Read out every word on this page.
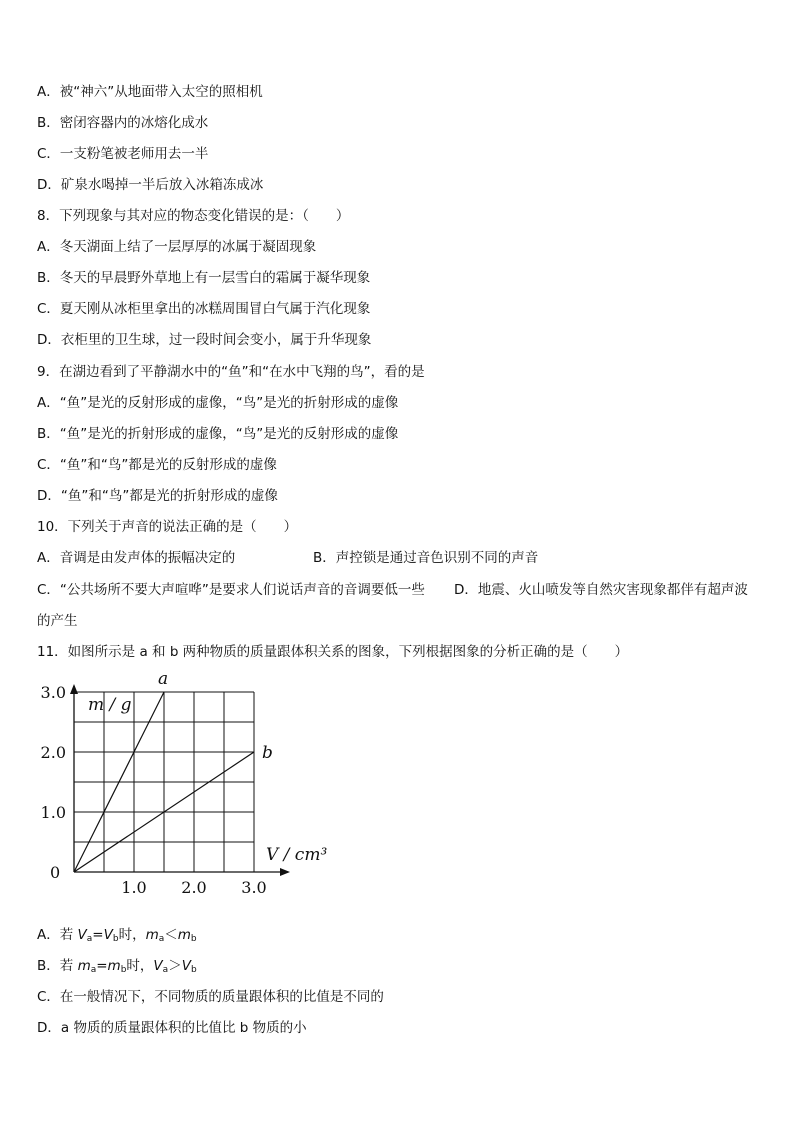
A．被“神六”从地面带入太空的照相机
B．密闭容器内的冰熔化成水
C．一支粉笔被老师用去一半
D．矿泉水喝掉一半后放入冰箱冻成冰
8．下列现象与其对应的物态变化错误的是：（　　）
A．冬天湖面上结了一层厚厚的冰属于凝固现象
B．冬天的早晨野外草地上有一层雪白的霜属于凝华现象
C．夏天刚从冰柜里拿出的冰糕周围冒白气属于汽化现象
D．衣柜里的卫生球，过一段时间会变小，属于升华现象
9．在湖边看到了平静湖水中的“鱼”和“在水中飞翔的鸟”，看的是
A．“鱼”是光的反射形成的虚像，“鸟”是光的折射形成的虚像
B．“鱼”是光的折射形成的虚像，“鸟”是光的反射形成的虚像
C．“鱼”和“鸟”都是光的反射形成的虚像
D．“鱼”和“鸟”都是光的折射形成的虚像
10．下列关于声音的说法正确的是（　　）
A．音调是由发声体的振幅决定的	B．声控锁是通过音色识别不同的声音
C．“公共场所不要大声喧哗”是要求人们说话声音的音调要低一些 D．地震、火山喷发等自然灾害现象都伴有超声波
的产生
11．如图所示是 a 和 b 两种物质的质量跟体积关系的图象，下列根据图象的分析正确的是（　　）
a
b
1.0
2.0
3.0
1.0 2.0 3.0
0
m / g
V / cm³
A．若 $V_a=V_b$时，$m_a<m_b$
B．若 $m_a=m_b$时，$V_a>V_b$
C．在一般情况下，不同物质的质量跟体积的比值是不同的
D．a 物质的质量跟体积的比值比 b 物质的小
